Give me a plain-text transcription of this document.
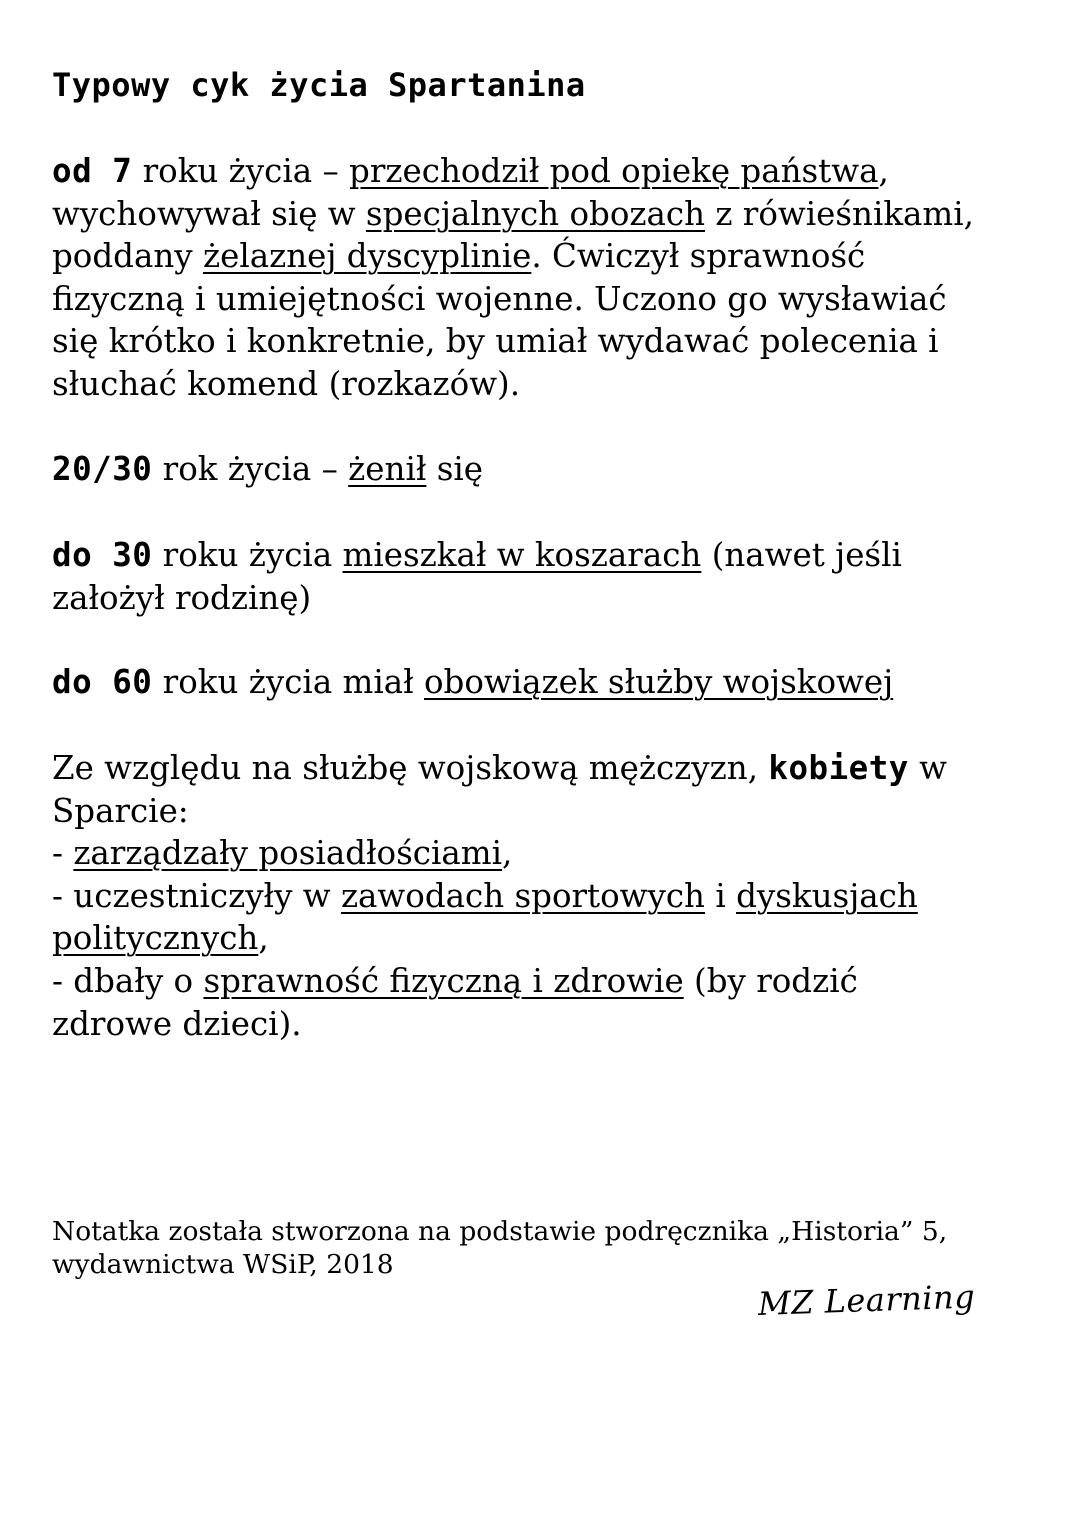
Typowy cyk życia Spartanina
od 7 roku życia – przechodził pod opiekę państwa,
wychowywał się w specjalnych obozach z rówieśnikami,
poddany żelaznej dyscyplinie. Ćwiczył sprawność
fizyczną i umiejętności wojenne. Uczono go wysławiać
się krótko i konkretnie, by umiał wydawać polecenia i
słuchać komend (rozkazów).
20/30 rok życia – żenił się
do 30 roku życia mieszkał w koszarach (nawet jeśli
założył rodzinę)
do 60 roku życia miał obowiązek służby wojskowej
Ze względu na służbę wojskową mężczyzn, kobiety w
Sparcie:
- zarządzały posiadłościami,
- uczestniczyły w zawodach sportowych i dyskusjach
politycznych,
- dbały o sprawność fizyczną i zdrowie (by rodzić
zdrowe dzieci).
Notatka została stworzona na podstawie podręcznika „Historia” 5,
wydawnictwa WSiP, 2018
MZ Learning
